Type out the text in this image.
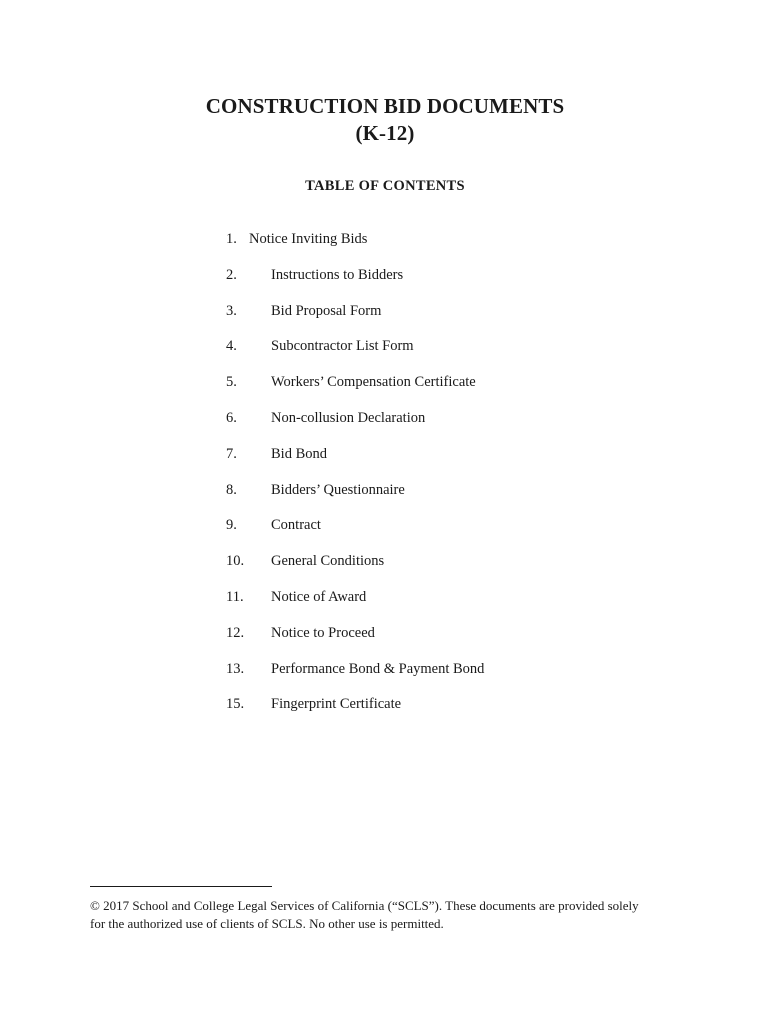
CONSTRUCTION BID DOCUMENTS
(K-12)
TABLE OF CONTENTS
1. Notice Inviting Bids
2. Instructions to Bidders
3. Bid Proposal Form
4. Subcontractor List Form
5. Workers’ Compensation Certificate
6. Non-collusion Declaration
7. Bid Bond
8. Bidders’ Questionnaire
9. Contract
10. General Conditions
11. Notice of Award
12. Notice to Proceed
13. Performance Bond & Payment Bond
15. Fingerprint Certificate
© 2017 School and College Legal Services of California (“SCLS”). These documents are provided solely
for the authorized use of clients of SCLS. No other use is permitted.
